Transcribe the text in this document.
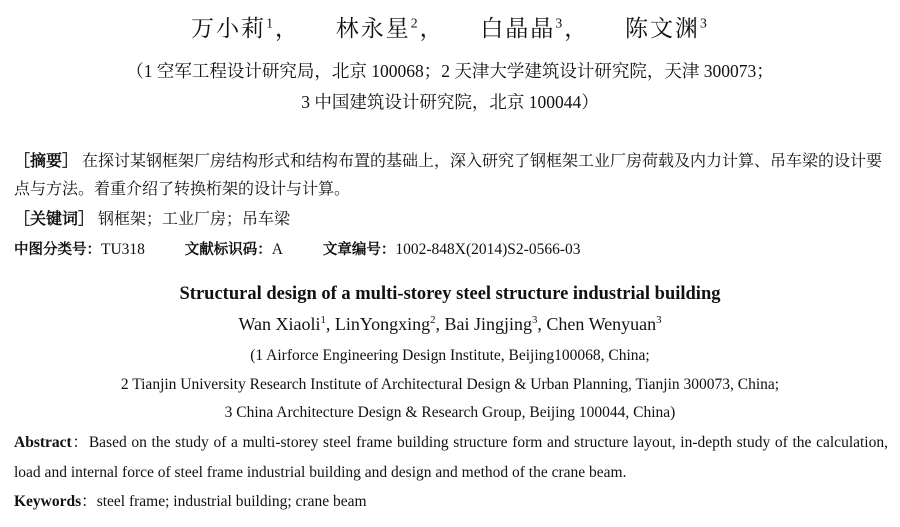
万小莉$^1$， 林永星$^2$， 白晶晶$^3$， 陈文渊$^3$
（1 空军工程设计研究局，北京 100068；2 天津大学建筑设计研究院，天津 300073；
3 中国建筑设计研究院，北京 100044）
［摘要］ 在探讨某钢框架厂房结构形式和结构布置的基础上，深入研究了钢框架工业厂房荷载及内力计算、吊车梁的设计要点与方法。着重介绍了转换桁架的设计与计算。
［关键词］ 钢框架；工业厂房；吊车梁
中图分类号：TU318	文献标识码：A	文章编号：1002-848X(2014)S2-0566-03
Structural design of a multi-storey steel structure industrial building
Wan Xiaoli$^1$, LinYongxing$^2$, Bai Jingjing$^3$, Chen Wenyuan$^3$
(1 Airforce Engineering Design Institute, Beijing100068, China;
2 Tianjin University Research Institute of Architectural Design & Urban Planning, Tianjin 300073, China;
3 China Architecture Design & Research Group, Beijing 100044, China)
Abstract：Based on the study of a multi-storey steel frame building structure form and structure layout, in-depth study of the calculation, load and internal force of steel frame industrial building and design and method of the crane beam.
Keywords：steel frame; industrial building; crane beam
